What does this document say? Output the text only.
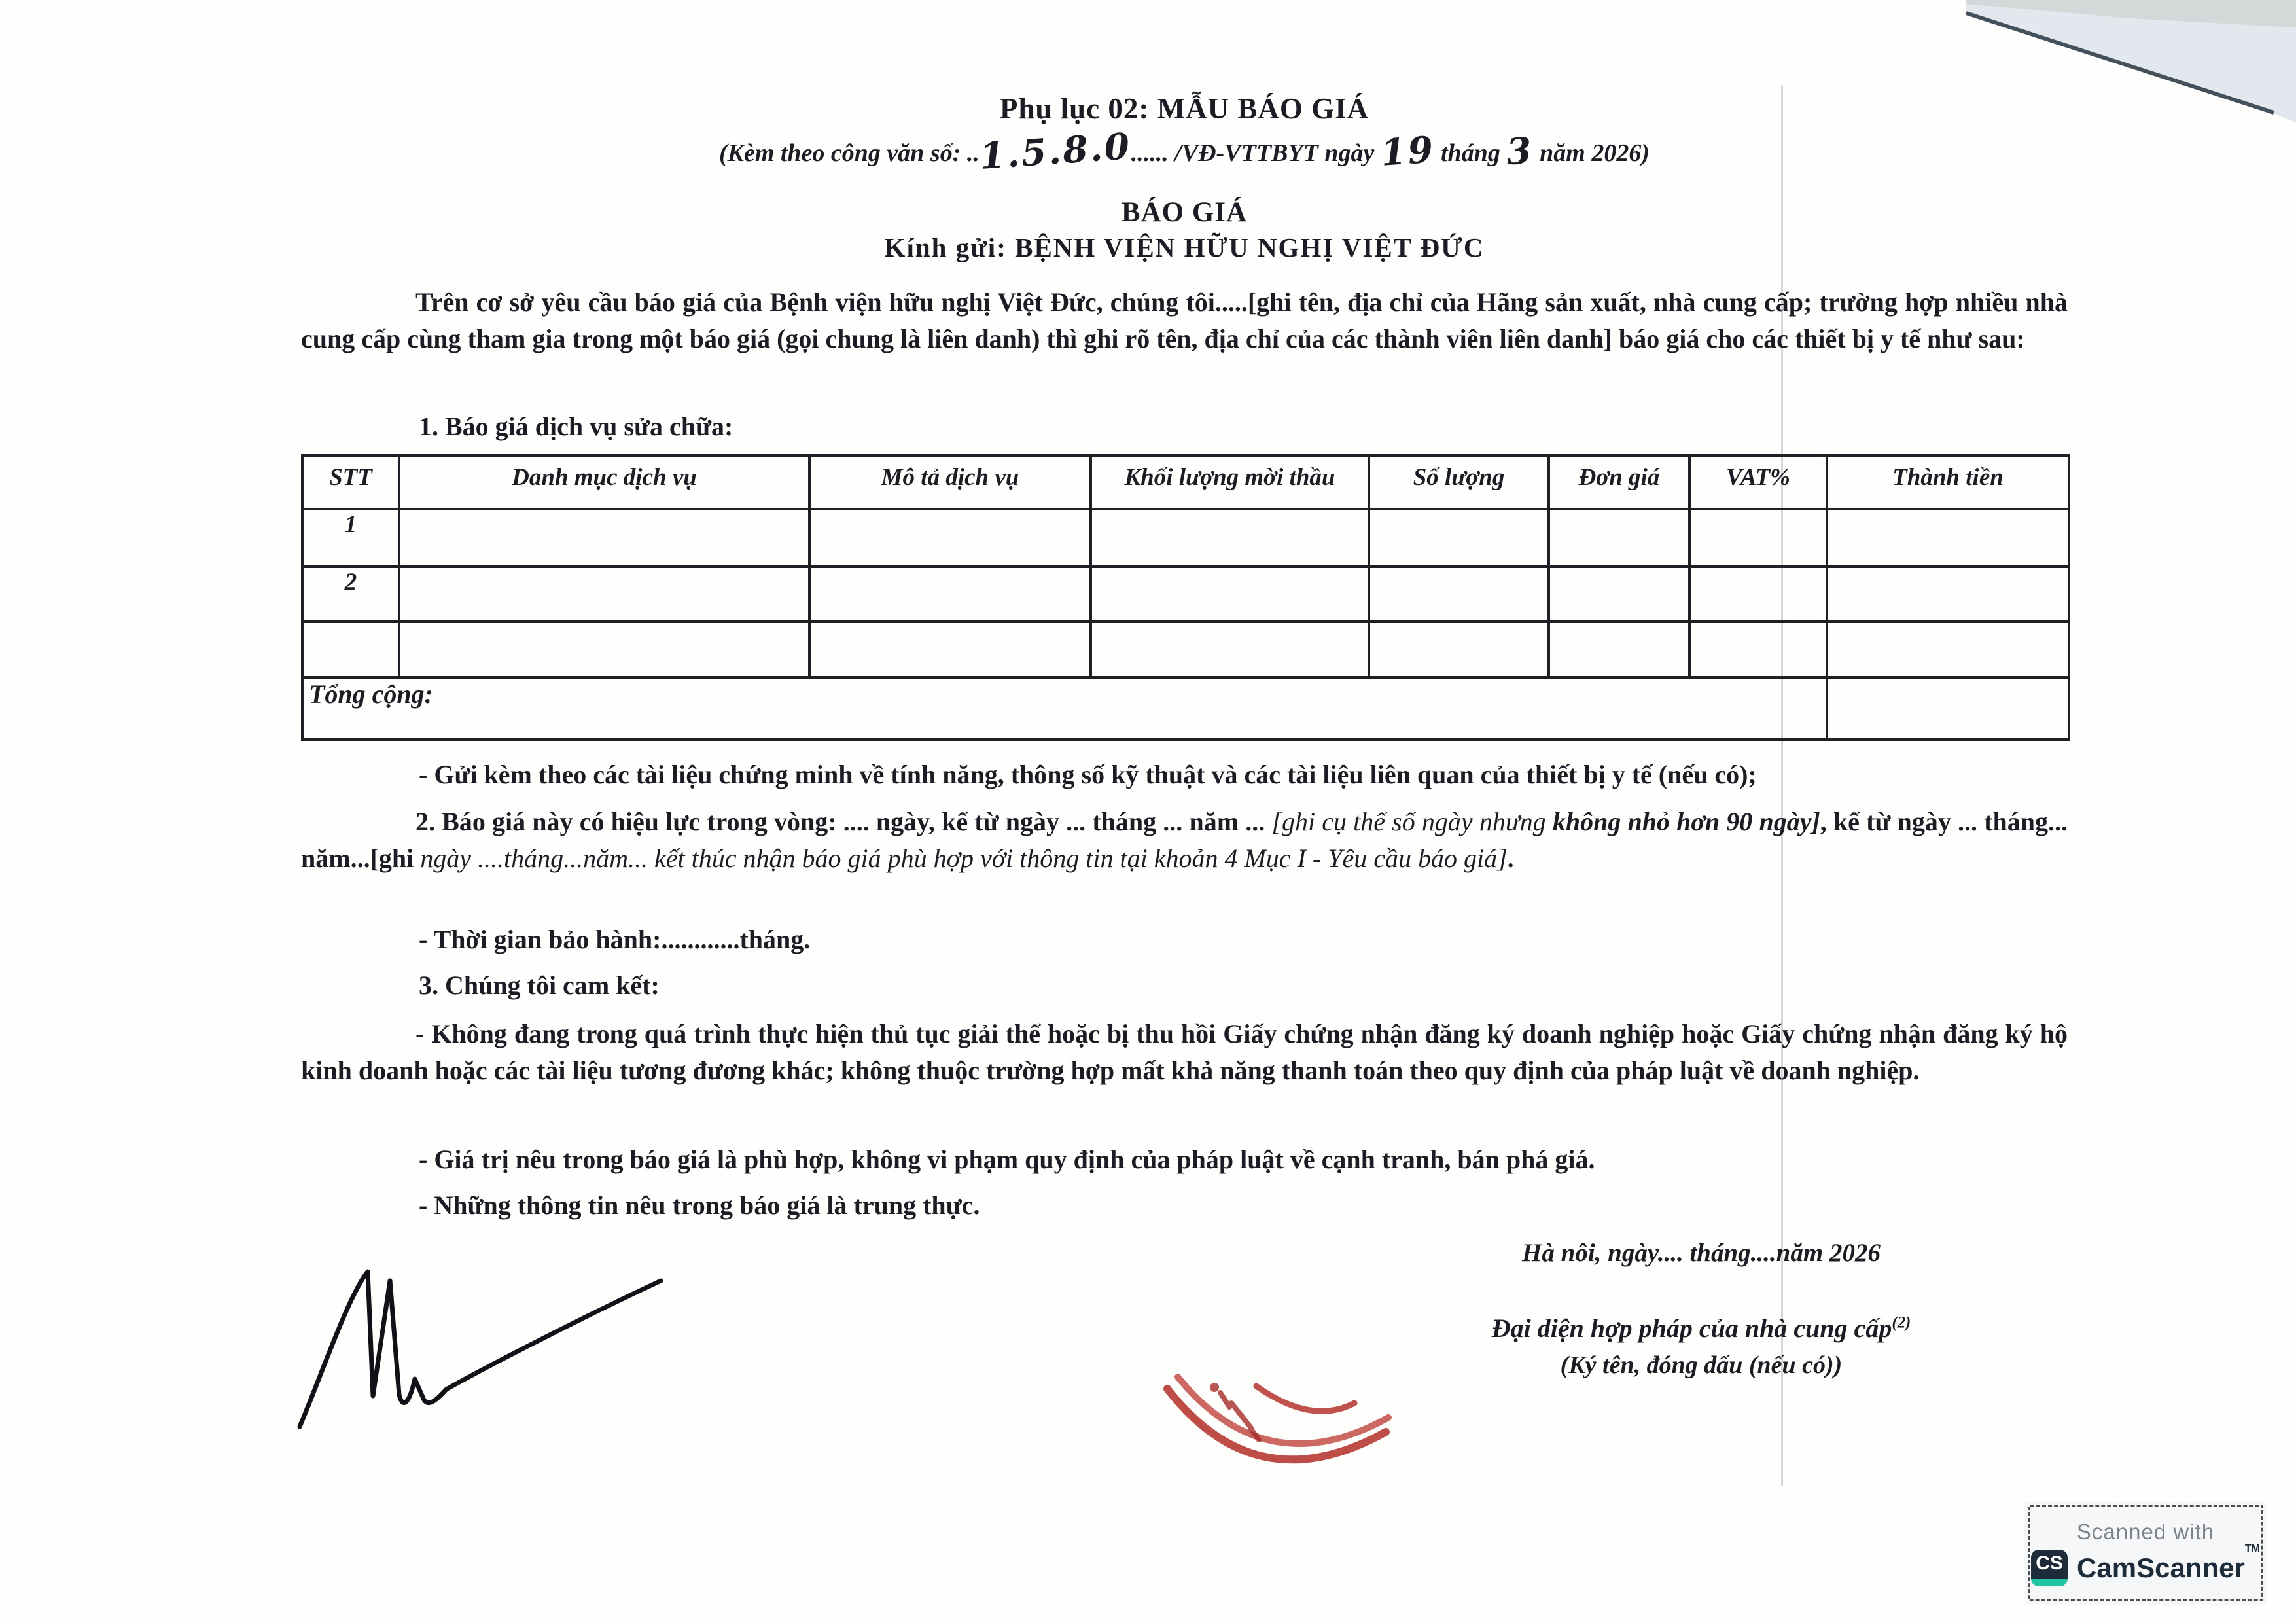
Phụ lục 02: MẪU BÁO GIÁ
(Kèm theo công văn số: ..1.5.8.0...... /VĐ-VTTBYT ngày 19 tháng 3 năm 2026)
BÁO GIÁ
Kính gửi: BỆNH VIỆN HỮU NGHỊ VIỆT ĐỨC
Trên cơ sở yêu cầu báo giá của Bệnh viện hữu nghị Việt Đức, chúng tôi.....[ghi tên, địa chỉ của Hãng sản xuất, nhà cung cấp; trường hợp nhiều nhà cung cấp cùng tham gia trong một báo giá (gọi chung là liên danh) thì ghi rõ tên, địa chỉ của các thành viên liên danh] báo giá cho các thiết bị y tế như sau:
1. Báo giá dịch vụ sửa chữa:
STT	Danh mục dịch vụ	Mô tả dịch vụ	Khối lượng mời thầu	Số lượng	Đơn giá	VAT%	Thành tiền
1							
2							

Tổng cộng:							
- Gửi kèm theo các tài liệu chứng minh về tính năng, thông số kỹ thuật và các tài liệu liên quan của thiết bị y tế (nếu có);
2. Báo giá này có hiệu lực trong vòng: .... ngày, kể từ ngày ... tháng ... năm ... [ghi cụ thể số ngày nhưng không nhỏ hơn 90 ngày], kể từ ngày ... tháng... năm...[ghi ngày ....tháng...năm... kết thúc nhận báo giá phù hợp với thông tin tại khoản 4 Mục I - Yêu cầu báo giá].
- Thời gian bảo hành:............tháng.
3. Chúng tôi cam kết:
- Không đang trong quá trình thực hiện thủ tục giải thể hoặc bị thu hồi Giấy chứng nhận đăng ký doanh nghiệp hoặc Giấy chứng nhận đăng ký hộ kinh doanh hoặc các tài liệu tương đương khác; không thuộc trường hợp mất khả năng thanh toán theo quy định của pháp luật về doanh nghiệp.
- Giá trị nêu trong báo giá là phù hợp, không vi phạm quy định của pháp luật về cạnh tranh, bán phá giá.
- Những thông tin nêu trong báo giá là trung thực.
Hà nôi, ngày.... tháng....năm 2026
Đại diện hợp pháp của nhà cung cấp$^{(2)}$
(Ký tên, đóng dấu (nếu có))
Scanned with
CS CamScanner™
